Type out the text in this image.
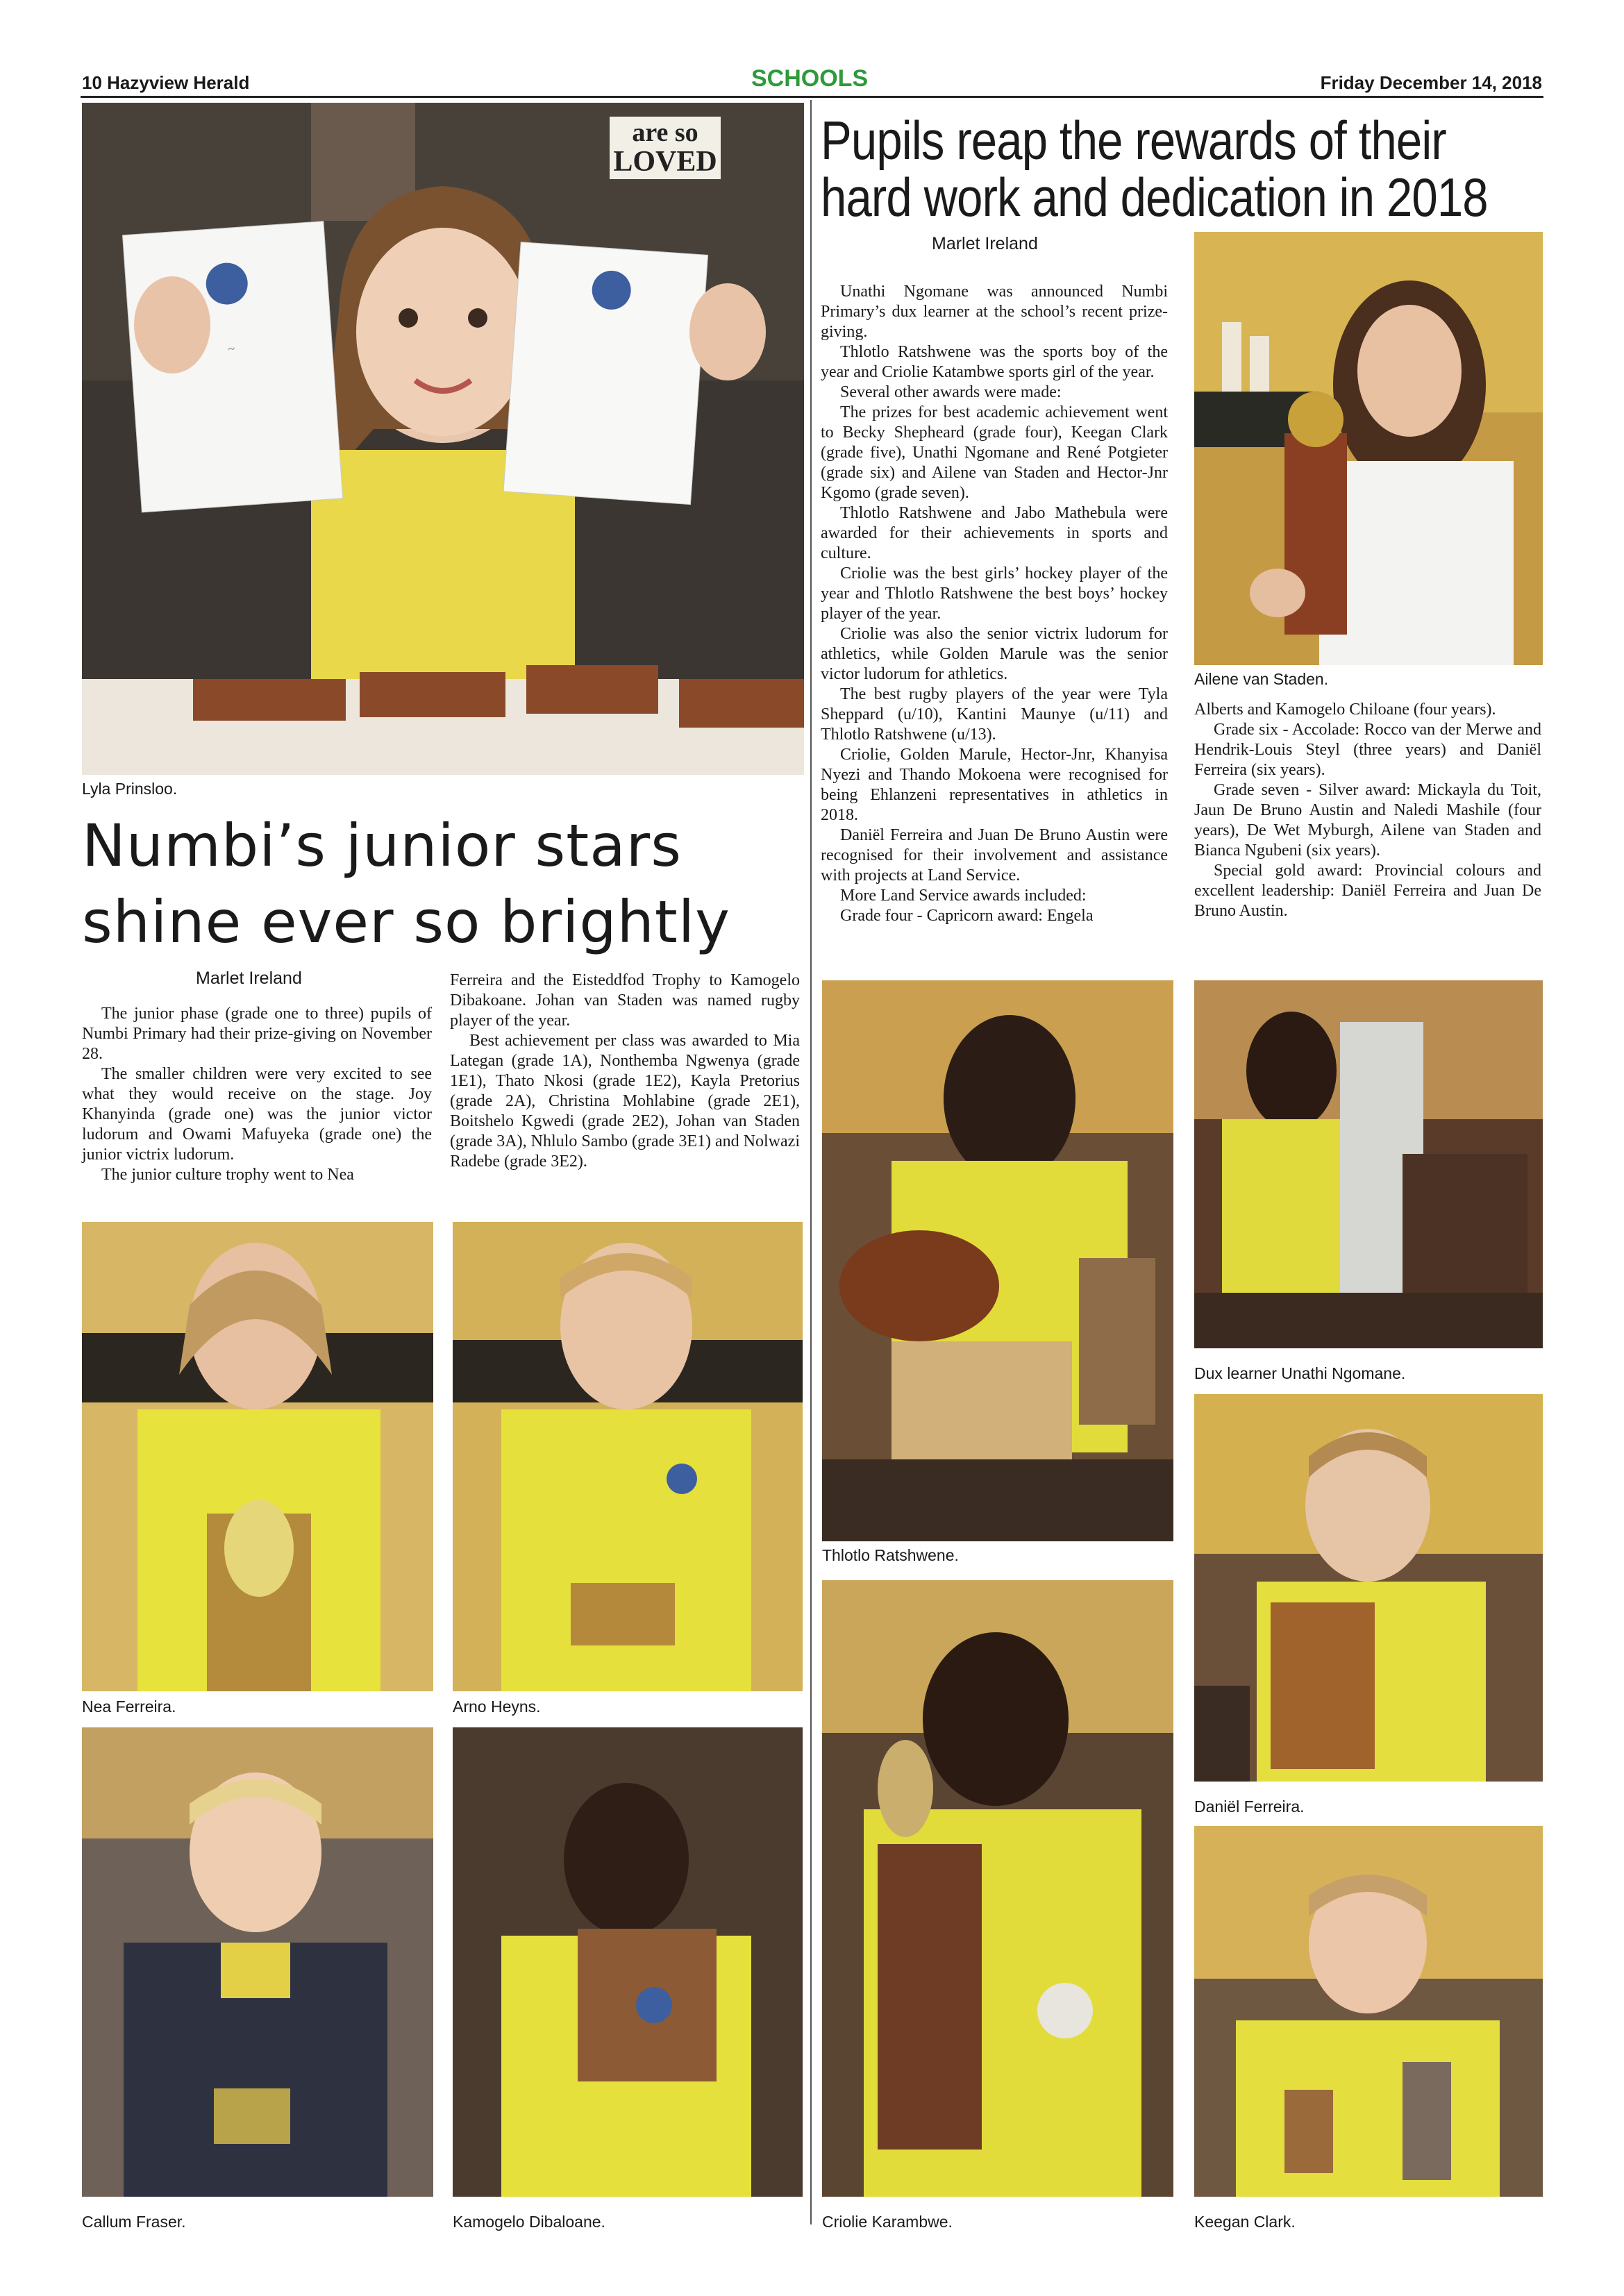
10 Hazyview Herald	SCHOOLS	Friday December 14, 2018
are so
LOVED
~
Lyla Prinsloo.
Numbi’s junior stars
shine ever so brightly
Marlet Ireland

The junior phase (grade one to three) pupils of Numbi Primary had their prize-giving on November 28.

The smaller children were very excited to see what they would receive on the stage. Joy Khanyinda (grade one) was the junior victor ludorum and Owami Mafuyeka (grade one) the junior victrix ludorum.

The junior culture trophy went to Nea

Ferreira and the Eisteddfod Trophy to Kamogelo Dibakoane. Johan van Staden was named rugby player of the year.

Best achievement per class was awarded to Mia Lategan (grade 1A), Nonthemba Ngwenya (grade 1E1), Thato Nkosi (grade 1E2), Kayla Pretorius (grade 2A), Christina Mohlabine (grade 2E1), Boitshelo Kgwedi (grade 2E2), Johan van Staden (grade 3A), Nhlulo Sambo (grade 3E1) and Nolwazi Radebe (grade 3E2).

Pupils reap the rewards of their
hard work and dedication in 2018
Marlet Ireland

Unathi Ngomane was announced Numbi Primary’s dux learner at the school’s recent prize-giving.

Thlotlo Ratshwene was the sports boy of the year and Criolie Katambwe sports girl of the year.

Several other awards were made:

The prizes for best academic achievement went to Becky Shepheard (grade four), Keegan Clark (grade five), Unathi Ngomane and René Potgieter (grade six) and Ailene van Staden and Hector-Jnr Kgomo (grade seven).

Thlotlo Ratshwene and Jabo Mathebula were awarded for their achievements in sports and culture.

Criolie was the best girls’ hockey player of the year and Thlotlo Ratshwene the best boys’ hockey player of the year.

Criolie was also the senior victrix ludorum for athletics, while Golden Marule was the senior victor ludorum for athletics.

The best rugby players of the year were Tyla Sheppard (u/10), Kantini Maunye (u/11) and Thlotlo Ratshwene (u/13).

Criolie, Golden Marule, Hector-Jnr, Khanyisa Nyezi and Thando Mokoena were recognised for being Ehlanzeni representatives in athletics in 2018.

Daniël Ferreira and Juan De Bruno Austin were recognised for their involvement and assistance with projects at Land Service.

More Land Service awards included:

Grade four - Capricorn award: Engela

Ailene van Staden.

Alberts and Kamogelo Chiloane (four years).

Grade six - Accolade: Rocco van der Merwe and Hendrik-Louis Steyl (three years) and Daniël Ferreira (six years).

Grade seven - Silver award: Mickayla du Toit, Jaun De Bruno Austin and Naledi Mashile (four years), De Wet Myburgh, Ailene van Staden and Bianca Ngubeni (six years).

Special gold award: Provincial colours and excellent leadership: Daniël Ferreira and Juan De Bruno Austin.

Thlotlo Ratshwene.
Dux learner Unathi Ngomane.
Daniël Ferreira.
Nea Ferreira.	Arno Heyns.
Callum Fraser.	Kamogelo Dibaloane.	Criolie Karambwe.	Keegan Clark.
